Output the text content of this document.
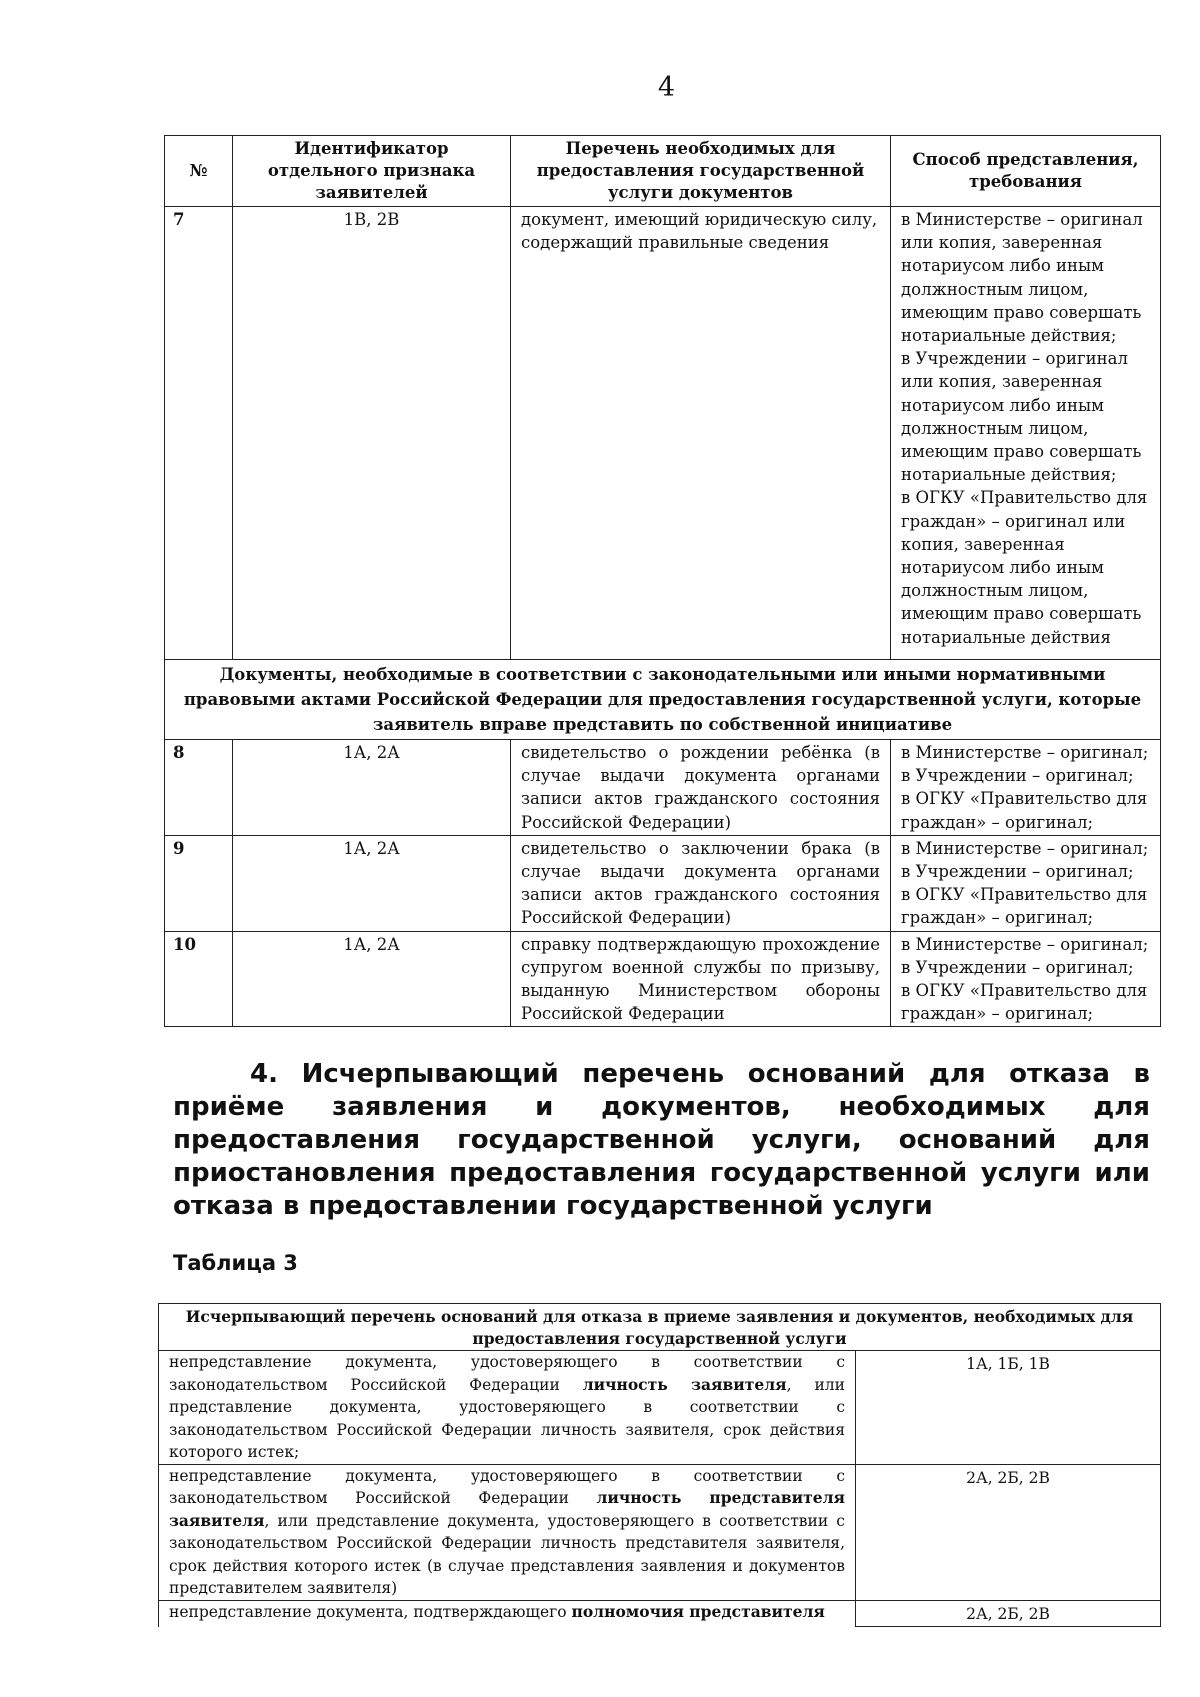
4
№	Идентификатор отдельного признака заявителей	Перечень необходимых для предоставления государственной услуги документов	Способ представления, требования
7	1В, 2В	документ, имеющий юридическую силу, содержащий правильные сведения	в Министерстве – оригинал или копия, заверенная нотариусом либо иным должностным лицом, имеющим право совершать нотариальные действия;
в Учреждении – оригинал или копия, заверенная нотариусом либо иным должностным лицом, имеющим право совершать нотариальные действия;
в ОГКУ «Правительство для граждан» – оригинал или копия, заверенная нотариусом либо иным должностным лицом, имеющим право совершать нотариальные действия

Документы, необходимые в соответствии с законодательными или иными нормативными правовыми актами Российской Федерации для предоставления государственной услуги, которые заявитель вправе представить по собственной инициативе			
8	1А, 2А	свидетельство о рождении ребёнка (в случае выдачи документа органами записи актов гражданского состояния Российской Федерации)	в Министерстве – оригинал;
в Учреждении – оригинал;
в ОГКУ «Правительство для граждан» – оригинал;

9	1А, 2А	свидетельство о заключении брака (в случае выдачи документа органами записи актов гражданского состояния Российской Федерации)	в Министерстве – оригинал;
в Учреждении – оригинал;
в ОГКУ «Правительство для граждан» – оригинал;

10	1А, 2А	справку подтверждающую прохождение супругом военной службы по призыву, выданную Министерством обороны Российской Федерации	в Министерстве – оригинал;
в Учреждении – оригинал;
в ОГКУ «Правительство для граждан» – оригинал;
4. Исчерпывающий перечень оснований для отказа в приёме заявления и документов, необходимых для предоставления государственной услуги, оснований для приостановления предоставления государственной услуги или отказа в предоставлении государственной услуги
Таблица 3
Исчерпывающий перечень оснований для отказа в приеме заявления и документов, необходимых для предоставления государственной услуги	
непредставление документа, удостоверяющего в соответствии с законодательством Российской Федерации личность заявителя, или представление документа, удостоверяющего в соответствии с законодательством Российской Федерации личность заявителя, срок действия которого истек;	1А, 1Б, 1В
непредставление документа, удостоверяющего в соответствии с законодательством Российской Федерации личность представителя заявителя, или представление документа, удостоверяющего в соответствии с законодательством Российской Федерации личность представителя заявителя, срок действия которого истек (в случае представления заявления и документов представителем заявителя)	2А, 2Б, 2В
непредставление документа, подтверждающего полномочия представителя	2А, 2Б, 2В
